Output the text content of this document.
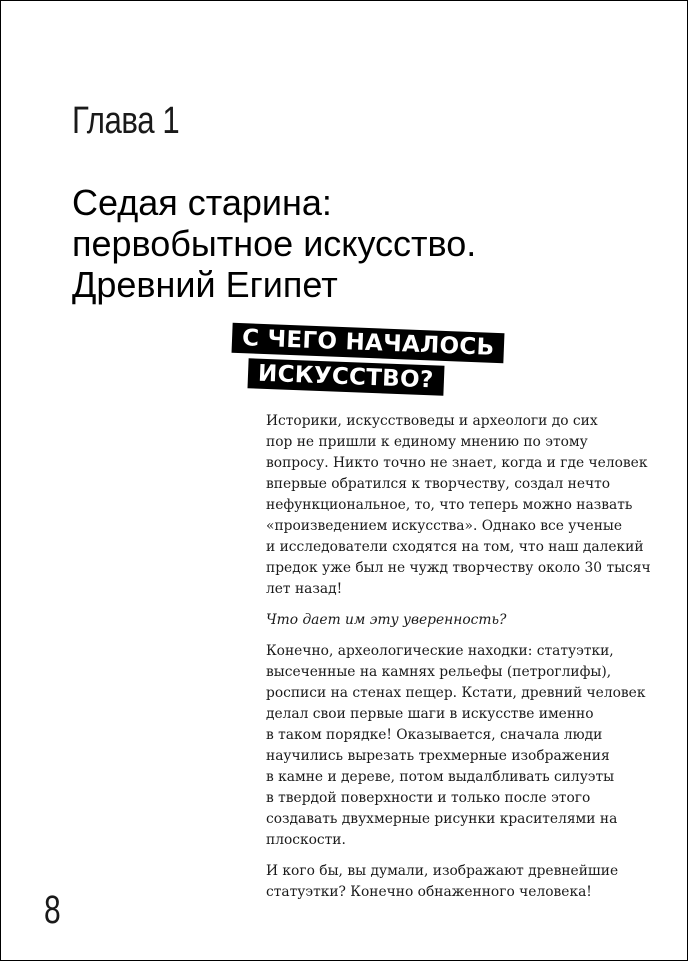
Глава 1
Седая старина:
первобытное искусство.
Древний Египет
С ЧЕГО НАЧАЛОСЬ
ИСКУССТВО?

Историки, искусствоведы и археологи до сих
пор не пришли к единому мнению по этому
вопросу. Никто точно не знает, когда и где человек
впервые обратился к творчеству, создал нечто
нефункциональное, то, что теперь можно назвать
«произведением искусства». Однако все ученые
и исследователи сходятся на том, что наш далекий
предок уже был не чужд творчеству около 30 тысяч
лет назад!

Что дает им эту уверенность?

Конечно, археологические находки: статуэтки,
высеченные на камнях рельефы (петроглифы),
росписи на стенах пещер. Кстати, древний человек
делал свои первые шаги в искусстве именно
в таком порядке! Оказывается, сначала люди
научились вырезать трехмерные изображения
в камне и дереве, потом выдалбливать силуэты
в твердой поверхности и только после этого
создавать двухмерные рисунки красителями на
плоскости.

И кого бы, вы думали, изображают древнейшие
статуэтки? Конечно обнаженного человека!

8
